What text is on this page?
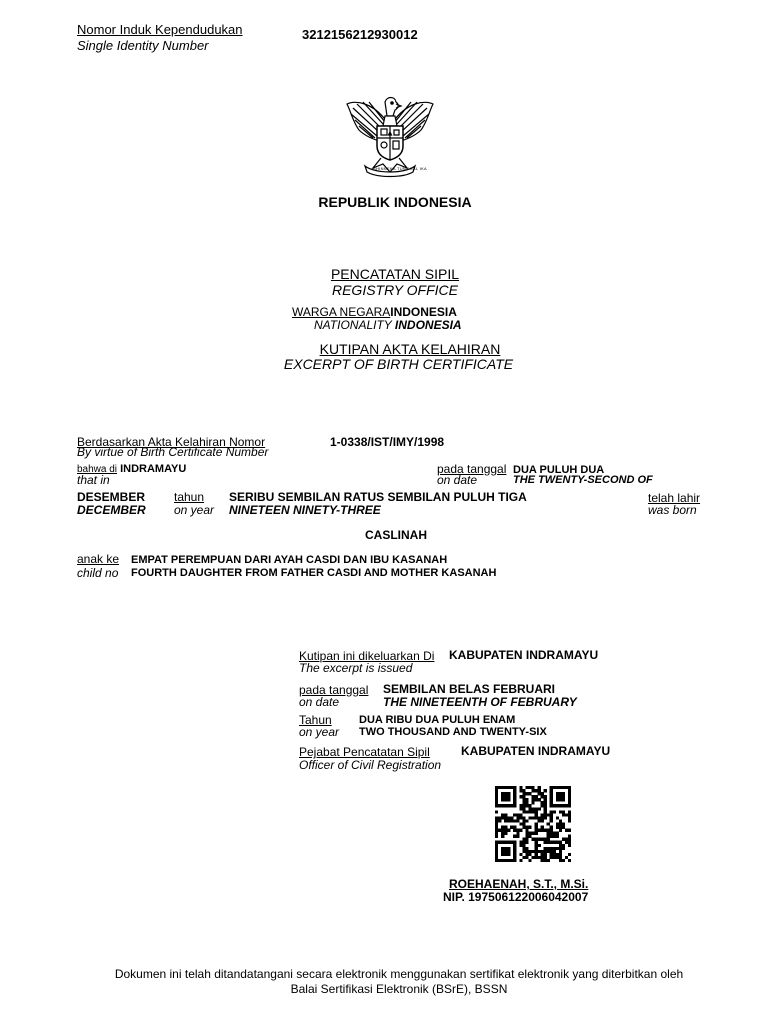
Nomor Induk Kependudukan
Single Identity Number
3212156212930012
BHINNEKA TUNGGAL IKA
REPUBLIK INDONESIA
PENCATATAN SIPIL
REGISTRY OFFICE
WARGA NEGARAINDONESIA
NATIONALITY INDONESIA
KUTIPAN AKTA KELAHIRAN
EXCERPT OF BIRTH CERTIFICATE
Berdasarkan Akta Kelahiran Nomor
By virtue of Birth Certificate Number
1-0338/IST/IMY/1998
bahwa di INDRAMAYU
that in
pada tanggal
on date
DUA PULUH DUA
THE TWENTY-SECOND OF
DESEMBER
DECEMBER
tahun
on year
SERIBU SEMBILAN RATUS SEMBILAN PULUH TIGA
NINETEEN NINETY-THREE
telah lahir
was born
CASLINAH
anak ke
child no
EMPAT PEREMPUAN DARI AYAH CASDI DAN IBU KASANAH
FOURTH DAUGHTER FROM FATHER CASDI AND MOTHER KASANAH
Kutipan ini dikeluarkan Di
The excerpt is issued
KABUPATEN INDRAMAYU
pada tanggal
on date
SEMBILAN BELAS FEBRUARI
THE NINETEENTH OF FEBRUARY
Tahun
on year
DUA RIBU DUA PULUH ENAM
TWO THOUSAND AND TWENTY-SIX
Pejabat Pencatatan Sipil
Officer of Civil Registration
KABUPATEN INDRAMAYU
ROEHAENAH, S.T., M.Si.
NIP. 197506122006042007
Dokumen ini telah ditandatangani secara elektronik menggunakan sertifikat elektronik yang diterbitkan oleh
Balai Sertifikasi Elektronik (BSrE), BSSN
